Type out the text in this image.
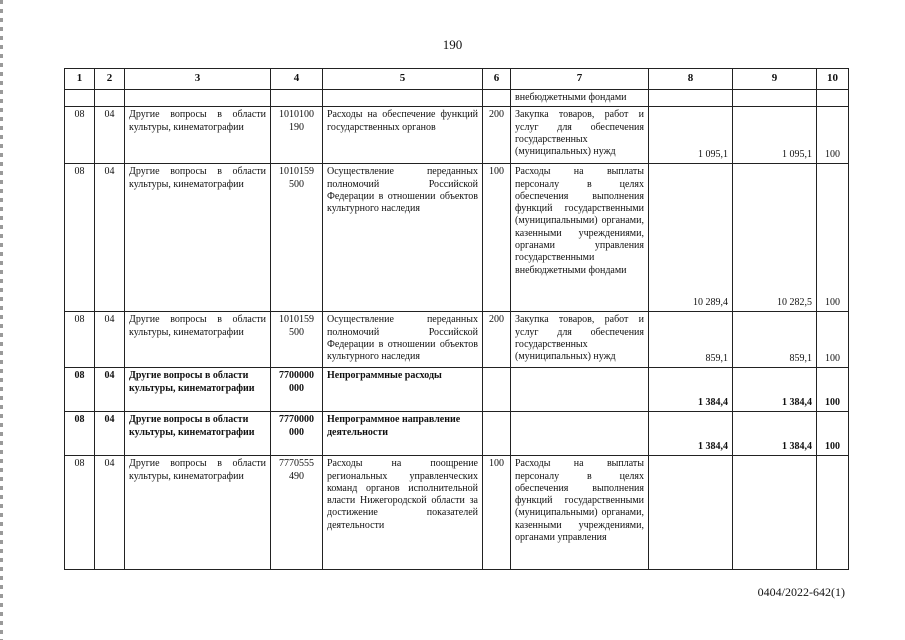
190
1	2	3	4	5	6	7	8	9	10
						внебюджетными фондами			
08	04	Другие вопросы в области культуры, кинематографии	1010100 190	Расходы на обеспечение функций государственных органов	200	Закупка товаров, работ и услуг для обеспечения государственных (муниципальных) нужд	1 095,1	1 095,1	100
08	04	Другие вопросы в области культуры, кинематографии	1010159 500	Осуществление переданных полномочий Российской Федерации в отношении объектов культурного наследия	100	Расходы на выплаты персоналу в целях обеспечения выполнения функций государственными (муниципальными) органами, казенными учреждениями, органами управления государственными внебюджетными фондами	10 289,4	10 282,5	100
08	04	Другие вопросы в области культуры, кинематографии	1010159 500	Осуществление переданных полномочий Российской Федерации в отношении объектов культурного наследия	200	Закупка товаров, работ и услуг для обеспечения государственных (муниципальных) нужд	859,1	859,1	100
08	04	Другие вопросы в области культуры, кинематографии	7700000 000	Непрограммные расходы			1 384,4	1 384,4	100
08	04	Другие вопросы в области культуры, кинематографии	7770000 000	Непрограммное направление деятельности			1 384,4	1 384,4	100
08	04	Другие вопросы в области культуры, кинематографии	7770555 490	Расходы на поощрение региональных управленческих команд органов исполнительной власти Нижегородской области за достижение показателей деятельности	100	Расходы на выплаты персоналу в целях обеспечения выполнения функций государственными (муниципальными) органами, казенными учреждениями, органами управления			
0404/2022-642(1)
